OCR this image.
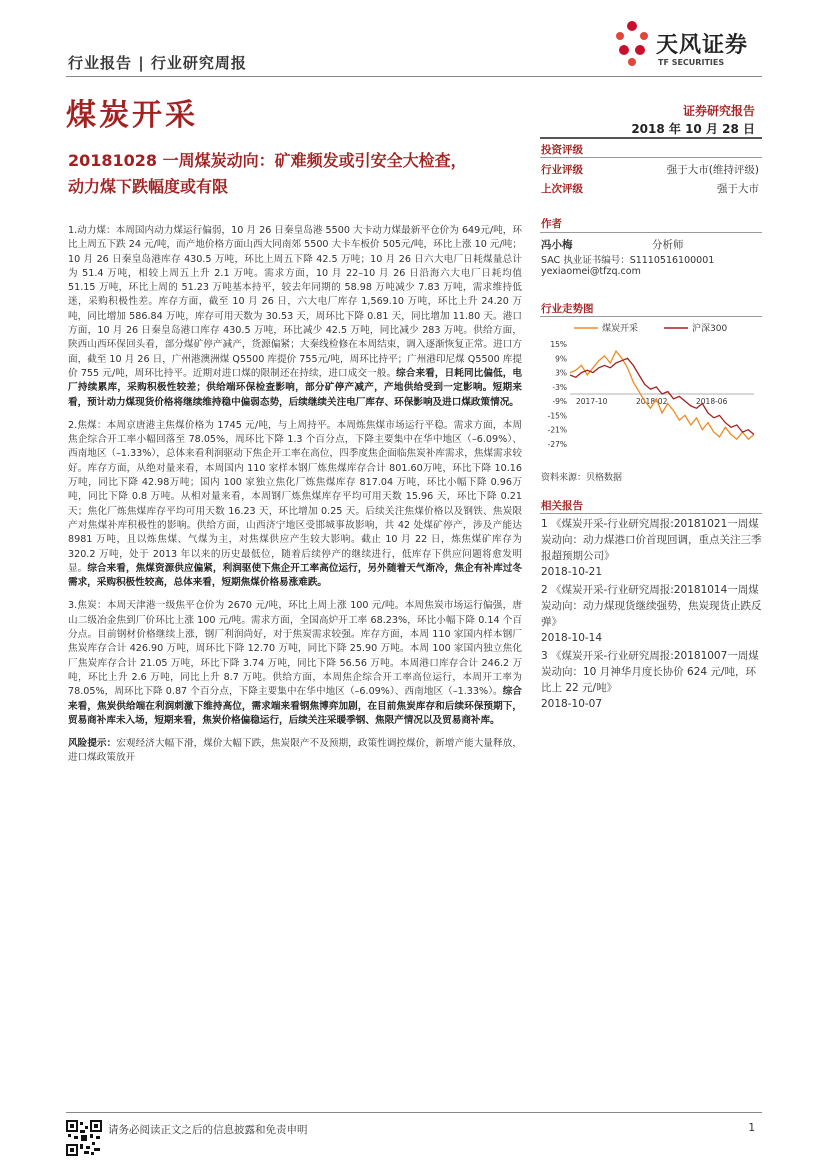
行业报告 | 行业研究周报
天风证券
TF SECURITIES
煤炭开采	证券研究报告
2018 年 10 月 28 日
20181028 一周煤炭动向：矿难频发或引安全大检查，
动力煤下跌幅度或有限

1.动力煤：本周国内动力煤运行偏弱，10 月 26 日秦皇岛港 5500 大卡动力煤最新平仓价为 649元/吨，环比上周五下跌 24 元/吨，而产地价格方面山西大同南郊 5500 大卡车板价 505元/吨，环比上涨 10 元/吨；10 月 26 日秦皇岛港库存 430.5 万吨，环比上周五下降 42.5 万吨；10 月 26 日六大电厂日耗煤量总计为 51.4 万吨，相较上周五上升 2.1 万吨。需求方面，10 月 22–10 月 26 日沿海六大电厂日耗均值 51.15 万吨，环比上周的 51.23 万吨基本持平，较去年同期的 58.98 万吨减少 7.83 万吨，需求维持低迷，采购积极性差。库存方面，截至 10 月 26 日，六大电厂库存 1,569.10 万吨，环比上升 24.20 万吨，同比增加 586.84 万吨，库存可用天数为 30.53 天，周环比下降 0.81 天，同比增加 11.80 天。港口方面，10 月 26 日秦皇岛港口库存 430.5 万吨，环比减少 42.5 万吨，同比减少 283 万吨。供给方面，陕西山西环保回头看，部分煤矿停产减产，货源偏紧；大秦线检修在本周结束，调入逐渐恢复正常。进口方面，截至 10 月 26 日，广州港澳洲煤 Q5500 库提价 755元/吨，周环比持平；广州港印尼煤 Q5500 库提价 755 元/吨，周环比持平。近期对进口煤的限制还在持续，进口成交一般。综合来看，日耗同比偏低，电厂持续累库，采购积极性较差；供给端环保检查影响，部分矿停产减产，产地供给受到一定影响。短期来看，预计动力煤现货价格将继续维持稳中偏弱态势，后续继续关注电厂库存、环保影响及进口煤政策情况。

2.焦煤：本周京唐港主焦煤价格为 1745 元/吨，与上周持平。本周炼焦煤市场运行平稳。需求方面，本周焦企综合开工率小幅回落至 78.05%，周环比下降 1.3 个百分点，下降主要集中在华中地区（–6.09%）、西南地区（–1.33%），总体来看利润驱动下焦企开工率在高位，四季度焦企面临焦炭补库需求，焦煤需求较好。库存方面，从绝对量来看，本周国内 110 家样本钢厂炼焦煤库存合计 801.60万吨，环比下降 10.16万吨，同比下降 42.98万吨；国内 100 家独立焦化厂炼焦煤库存 817.04 万吨，环比小幅下降 0.96万吨，同比下降 0.8 万吨。从相对量来看，本周钢厂炼焦煤库存平均可用天数 15.96 天，环比下降 0.21 天；焦化厂炼焦煤库存平均可用天数 16.23 天，环比增加 0.25 天。后续关注焦煤价格以及钢铁、焦炭限产对焦煤补库积极性的影响。供给方面，山西济宁地区受邯城事故影响，共 42 处煤矿停产，涉及产能达 8981 万吨，且以炼焦煤、气煤为主，对焦煤供应产生较大影响。截止 10 月 22 日，炼焦煤矿库存为 320.2 万吨，处于 2013 年以来的历史最低位，随着后续停产的继续进行，低库存下供应问题将愈发明显。综合来看，焦煤资源供应偏紧，利润驱使下焦企开工率高位运行，另外随着天气渐冷，焦企有补库过冬需求，采购积极性较高，总体来看，短期焦煤价格易涨难跌。

3.焦炭：本周天津港一级焦平仓价为 2670 元/吨，环比上周上涨 100 元/吨。本周焦炭市场运行偏强，唐山二级冶金焦到厂价环比上涨 100 元/吨。需求方面，全国高炉开工率 68.23%，环比小幅下降 0.14 个百分点。目前钢材价格继续上涨，钢厂利润尚好，对于焦炭需求较强。库存方面，本周 110 家国内样本钢厂焦炭库存合计 426.90 万吨，周环比下降 12.70 万吨，同比下降 25.90 万吨。本周 100 家国内独立焦化厂焦炭库存合计 21.05 万吨，环比下降 3.74 万吨，同比下降 56.56 万吨。本周港口库存合计 246.2 万吨，环比上升 2.6 万吨，同比上升 8.7 万吨。供给方面，本周焦企综合开工率高位运行，本周开工率为 78.05%，周环比下降 0.87 个百分点，下降主要集中在华中地区（–6.09%）、西南地区（–1.33%）。综合来看，焦炭供给端在利润刺激下维持高位，需求端来看钢焦博弈加剧，在目前焦炭库存和后续环保预期下，贸易商补库未入场，短期来看，焦炭价格偏稳运行，后续关注采暖季钢、焦限产情况以及贸易商补库。

风险提示：宏观经济大幅下滑，煤价大幅下跌，焦炭限产不及预期，政策性调控煤价，新增产能大量释放，进口煤政策放开

投资评级
行业评级	强于大市(维持评级)
上次评级	强于大市
作者
冯小梅	分析师
SAC 执业证书编号：S1110516100001
yexiaomei@tfzq.com
行业走势图
煤炭开采	沪深300
15%
9%
3%
-3%
-9%
-15%
-21%
-27%
2017-10	2018-02	2018-06
资料来源：贝格数据
相关报告
1 《煤炭开采-行业研究周报:20181021一周煤炭动向：动力煤港口价首现回调，重点关注三季报超预期公司》
2018-10-21
2 《煤炭开采-行业研究周报:20181014一周煤炭动向：动力煤现货继续强势，焦炭现货止跌反弹》
2018-10-14
3 《煤炭开采-行业研究周报:20181007一周煤炭动向：10 月神华月度长协价 624 元/吨，环比上 22 元/吨》
2018-10-07
请务必阅读正文之后的信息披露和免责申明	1
